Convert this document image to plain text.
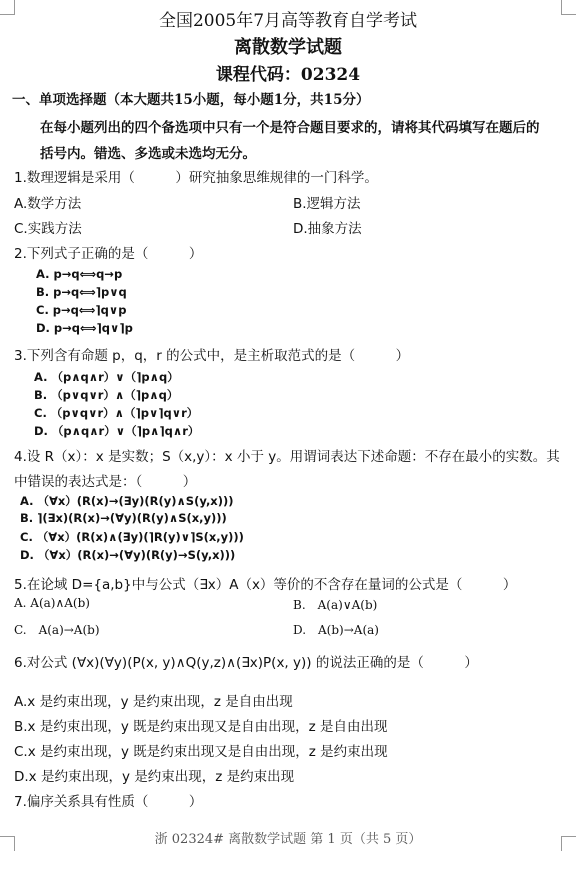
全国2005年7月高等教育自学考试
离散数学试题
课程代码：02324
一、单项选择题（本大题共15小题，每小题1分，共15分）
在每小题列出的四个备选项中只有一个是符合题目要求的，请将其代码填写在题后的
括号内。错选、多选或未选均无分。
1.数理逻辑是采用（　　　）研究抽象思维规律的一门科学。
A.数学方法	B.逻辑方法
C.实践方法	D.抽象方法
2.下列式子正确的是（　　　）
A. p→q⟺q→p
B. p→q⟺⌉p∨q
C. p→q⟺⌉q∨p
D. p→q⟺⌉q∨⌉p
3.下列含有命题 p，q，r 的公式中，是主析取范式的是（　　　）
A. （p∧q∧r）∨（⌉p∧q）
B. （p∨q∨r）∧（⌉p∧q）
C. （p∨q∨r）∧（⌉p∨⌉q∨r）
D. （p∧q∧r）∨（⌉p∧⌉q∧r）
4.设 R（x）：x 是实数；S（x,y）：x 小于 y。用谓词表达下述命题：不存在最小的实数。其
中错误的表达式是：（　　　）
A. （∀x）(R(x)→(∃y)(R(y)∧S(y,x)))
B. ⌉(∃x)(R(x)→(∀y)(R(y)∧S(x,y)))
C. （∀x）(R(x)∧(∃y)(⌉R(y)∨⌉S(x,y)))
D. （∀x）(R(x)→(∀y)(R(y)→S(y,x)))
5.在论域 D={a,b}中与公式（∃x）A（x）等价的不含存在量词的公式是（　　　）
A. A(a)∧A(b)	B.　A(a)∨A(b)
C.　A(a)→A(b)	D.　A(b)→A(a)
6.对公式 (∀x)(∀y)(P(x, y)∧Q(y,z)∧(∃x)P(x, y)) 的说法正确的是（　　　）
A.x 是约束出现，y 是约束出现，z 是自由出现
B.x 是约束出现，y 既是约束出现又是自由出现，z 是自由出现
C.x 是约束出现，y 既是约束出现又是自由出现，z 是约束出现
D.x 是约束出现，y 是约束出现，z 是约束出现
7.偏序关系具有性质（　　　）
浙 02324# 离散数学试题 第 1 页（共 5 页）
